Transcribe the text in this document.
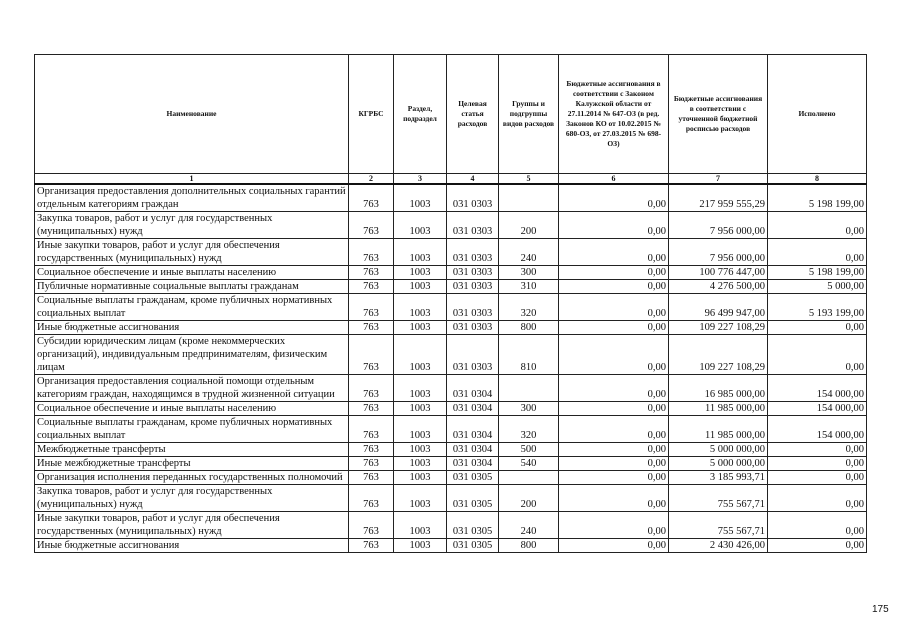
Наименование	КГРБС	Раздел, подраздел	Целевая статья расходов	Группы и подгруппы видов расходов	Бюджетные ассигнования в соответствии с Законом Калужской области от 27.11.2014 № 647-ОЗ (в ред. Законов КО от 10.02.2015 № 680-ОЗ, от 27.03.2015 № 698-ОЗ)	Бюджетные ассигнования в соответствии с уточненной бюджетной росписью расходов	Исполнено
1	2	3	4	5	6	7	8
Организация предоставления дополнительных социальных гарантий отдельным категориям граждан	763	1003	031 0303		0,00	217 959 555,29	5 198 199,00
Закупка товаров, работ и услуг для государственных (муниципальных) нужд	763	1003	031 0303	200	0,00	7 956 000,00	0,00
Иные закупки товаров, работ и услуг для обеспечения государственных (муниципальных) нужд	763	1003	031 0303	240	0,00	7 956 000,00	0,00
Социальное обеспечение и иные выплаты населению	763	1003	031 0303	300	0,00	100 776 447,00	5 198 199,00
Публичные нормативные социальные выплаты гражданам	763	1003	031 0303	310	0,00	4 276 500,00	5 000,00
Социальные выплаты гражданам, кроме публичных нормативных социальных выплат	763	1003	031 0303	320	0,00	96 499 947,00	5 193 199,00
Иные бюджетные ассигнования	763	1003	031 0303	800	0,00	109 227 108,29	0,00
Субсидии юридическим лицам (кроме некоммерческих организаций), индивидуальным предпринимателям, физическим лицам	763	1003	031 0303	810	0,00	109 227 108,29	0,00
Организация предоставления социальной помощи отдельным категориям граждан, находящимся в трудной жизненной ситуации	763	1003	031 0304		0,00	16 985 000,00	154 000,00
Социальное обеспечение и иные выплаты населению	763	1003	031 0304	300	0,00	11 985 000,00	154 000,00
Социальные выплаты гражданам, кроме публичных нормативных социальных выплат	763	1003	031 0304	320	0,00	11 985 000,00	154 000,00
Межбюджетные трансферты	763	1003	031 0304	500	0,00	5 000 000,00	0,00
Иные межбюджетные трансферты	763	1003	031 0304	540	0,00	5 000 000,00	0,00
Организация исполнения переданных государственных полномочий	763	1003	031 0305		0,00	3 185 993,71	0,00
Закупка товаров, работ и услуг для государственных (муниципальных) нужд	763	1003	031 0305	200	0,00	755 567,71	0,00
Иные закупки товаров, работ и услуг для обеспечения государственных (муниципальных) нужд	763	1003	031 0305	240	0,00	755 567,71	0,00
Иные бюджетные ассигнования	763	1003	031 0305	800	0,00	2 430 426,00	0,00
175
